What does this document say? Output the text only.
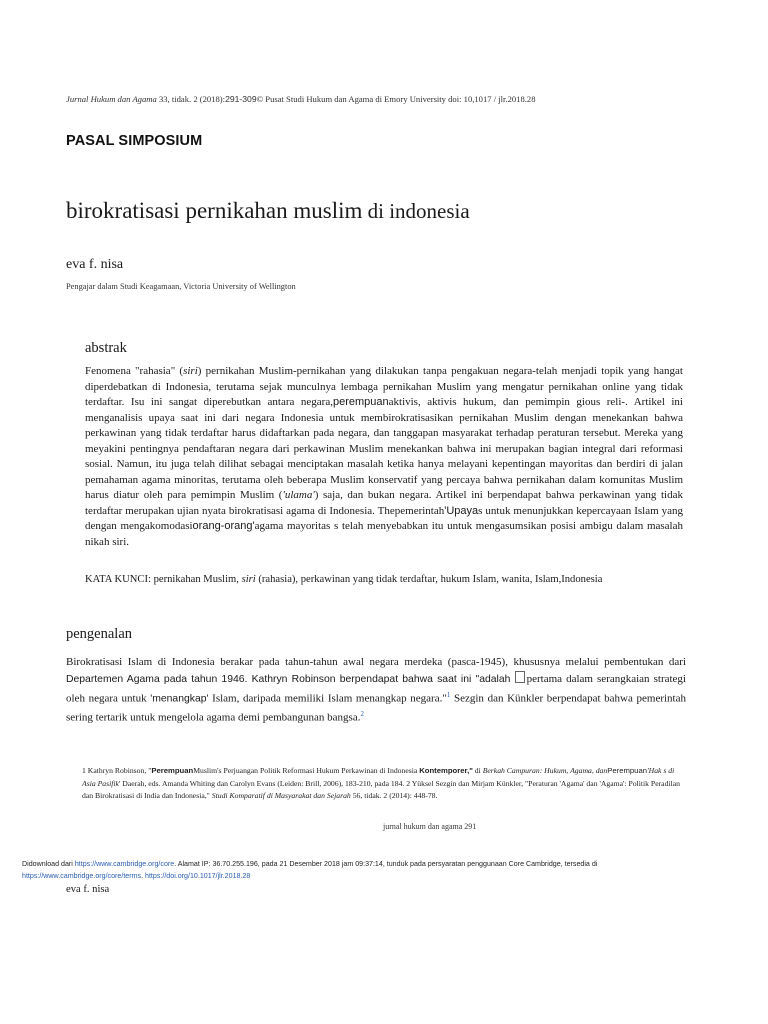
Jurnal Hukum dan Agama 33, tidak. 2 (2018):291-309© Pusat Studi Hukum dan Agama di Emory University doi: 10,1017 / jlr.2018.28
PASAL SIMPOSIUM
birokratisasi pernikahan muslim di indonesia
eva f. nisa
Pengajar dalam Studi Keagamaan, Victoria University of Wellington
abstrak
Fenomena "rahasia" (siri) pernikahan Muslim-pernikahan yang dilakukan tanpa pengakuan negara-telah menjadi topik yang hangat diperdebatkan di Indonesia, terutama sejak munculnya lembaga pernikahan Muslim yang mengatur pernikahan online yang tidak terdaftar. Isu ini sangat diperebutkan antara negara,perempuanaktivis, aktivis hukum, dan pemimpin gious reli-. Artikel ini menganalisis upaya saat ini dari negara Indonesia untuk membirokratisasikan pernikahan Muslim dengan menekankan bahwa perkawinan yang tidak terdaftar harus didaftarkan pada negara, dan tanggapan masyarakat terhadap peraturan tersebut. Mereka yang meyakini pentingnya pendaftaran negara dari perkawinan Muslim menekankan bahwa ini merupakan bagian integral dari reformasi sosial. Namun, itu juga telah dilihat sebagai menciptakan masalah ketika hanya melayani kepentingan mayoritas dan berdiri di jalan pemahaman agama minoritas, terutama oleh beberapa Muslim konservatif yang percaya bahwa pernikahan dalam komunitas Muslim harus diatur oleh para pemimpin Muslim ('ulama') saja, dan bukan negara. Artikel ini berpendapat bahwa perkawinan yang tidak terdaftar merupakan ujian nyata birokratisasi agama di Indonesia. Thepemerintah'Upayas untuk menunjukkan kepercayaan Islam yang dengan mengakomodasiorang-orang'agama mayoritas s telah menyebabkan itu untuk mengasumsikan posisi ambigu dalam masalah nikah siri.
KATA KUNCI: pernikahan Muslim, siri (rahasia), perkawinan yang tidak terdaftar, hukum Islam, wanita, Islam,Indonesia
pengenalan
Birokratisasi Islam di Indonesia berakar pada tahun-tahun awal negara merdeka (pasca-1945), khususnya melalui pembentukan dari Departemen Agama pada tahun 1946. Kathryn Robinson berpendapat bahwa saat ini "adalah pertama dalam serangkaian strategi oleh negara untuk 'menangkap' Islam, daripada memiliki Islam menangkap negara."$^1$ Sezgin dan Künkler berpendapat bahwa pemerintah sering tertarik untuk mengelola agama demi pembangunan bangsa.$^2$
1 Kathryn Robinson, "PerempuanMuslim's Perjuangan Politik Reformasi Hukum Perkawinan di Indonesia Kontemporer," di Berkah Campuran: Hukum, Agama, danPerempuan'Hak s di Asia Pasifik' Daerah, eds. Amanda Whiting dan Carolyn Evans (Leiden: Brill, 2006), 183-210, pada 184. 2 Yüksel Sezgin dan Mirjam Künkler, "Peraturan 'Agama' dan 'Agama': Politik Peradilan dan Birokratisasi di India dan Indonesia," Studi Komparatif di Masyarakat dan Sejarah 56, tidak. 2 (2014): 448-78.
jurnal hukum dan agama 291
Didownload dari https://www.cambridge.org/core. Alamat IP: 36.70.255.196, pada 21 Desember 2018 jam 09:37:14, tunduk pada persyaratan penggunaan Core Cambridge, tersedia di
https://www.cambridge.org/core/terms. https://doi.org/10.1017/jlr.2018.28
eva f. nisa
